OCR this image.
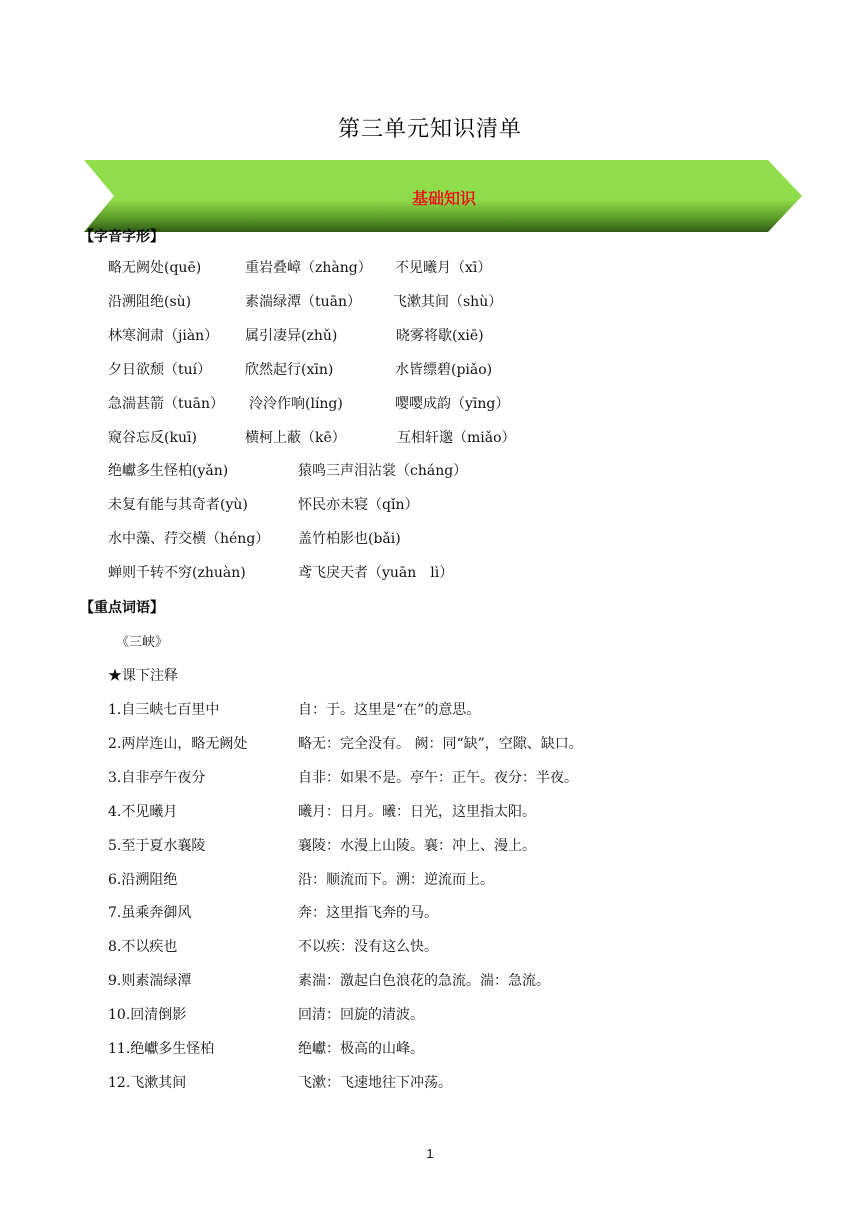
第三单元知识清单
基础知识
【字音字形】
略无阙处(quē)	重岩叠嶂（zhàng） 不见曦月（xī）
沿溯阻绝(sù)	素湍绿潭（tuān） 飞漱其间（shù）
林寒涧肃（jiàn） 属引凄异(zhǔ)	晓雾将歇(xiē)
夕日欲颓（tuí） 欣然起行(xīn)	水皆缥碧(piǎo)
急湍甚箭（tuān） 泠泠作响(líng)	嘤嘤成韵（yīng）
窥谷忘反(kuī)	横柯上蔽（kē）	互相轩邈（miǎo）
绝巘多生怪柏(yǎn)	猿鸣三声泪沾裳（cháng）
未复有能与其奇者(yù)	怀民亦未寝（qǐn）
水中藻、荇交横（héng） 盖竹柏影也(bǎi)
蝉则千转不穷(zhuàn)	鸢飞戾天者（yuān　lì）
【重点词语】
《三峡》
★课下注释
1.自三峡七百里中	自：于。这里是“在”的意思。
2.两岸连山，略无阙处	略无：完全没有。 阙：同“缺”，空隙、缺口。
3.自非亭午夜分	自非：如果不是。亭午：正午。夜分：半夜。
4.不见曦月	曦月：日月。曦：日光，这里指太阳。
5.至于夏水襄陵	襄陵：水漫上山陵。襄：冲上、漫上。
6.沿溯阻绝	沿：顺流而下。溯：逆流而上。
7.虽乘奔御风	奔：这里指飞奔的马。
8.不以疾也	不以疾：没有这么快。
9.则素湍绿潭	素湍：激起白色浪花的急流。湍：急流。
10.回清倒影	回清：回旋的清波。
11.绝巘多生怪柏	绝巘：极高的山峰。
12.飞漱其间	飞漱：飞速地往下冲荡。
1
